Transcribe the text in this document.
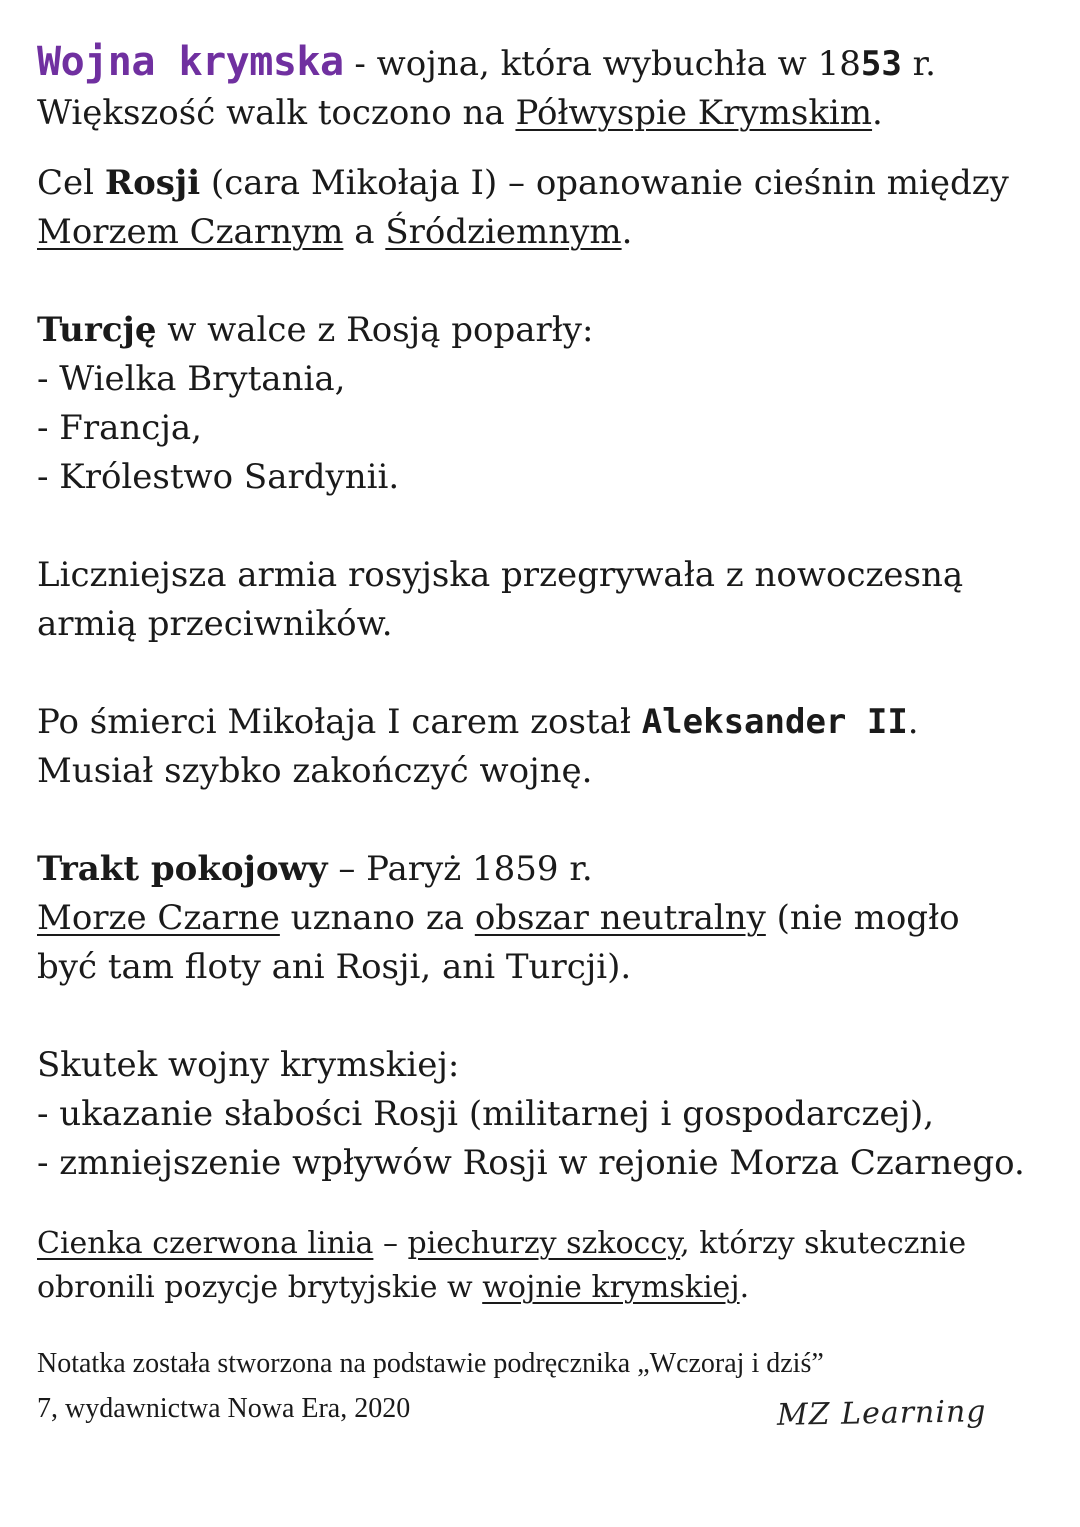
Wojna krymska - wojna, która wybuchła w 1853 r.

Większość walk toczono na Półwyspie Krymskim.

Cel Rosji (cara Mikołaja I) – opanowanie cieśnin między

Morzem Czarnym a Śródziemnym.

Turcję w walce z Rosją poparły:

- Wielka Brytania,

- Francja,

- Królestwo Sardynii.

Liczniejsza armia rosyjska przegrywała z nowoczesną

armią przeciwników.

Po śmierci Mikołaja I carem został Aleksander II.

Musiał szybko zakończyć wojnę.

Trakt pokojowy – Paryż 1859 r.

Morze Czarne uznano za obszar neutralny (nie mogło

być tam floty ani Rosji, ani Turcji).

Skutek wojny krymskiej:

- ukazanie słabości Rosji (militarnej i gospodarczej),

- zmniejszenie wpływów Rosji w rejonie Morza Czarnego.

Cienka czerwona linia – piechurzy szkoccy, którzy skutecznie

obronili pozycje brytyjskie w wojnie krymskiej.

Notatka została stworzona na podstawie podręcznika „Wczoraj i dziś”

7, wydawnictwa Nowa Era, 2020	MZ Learning
